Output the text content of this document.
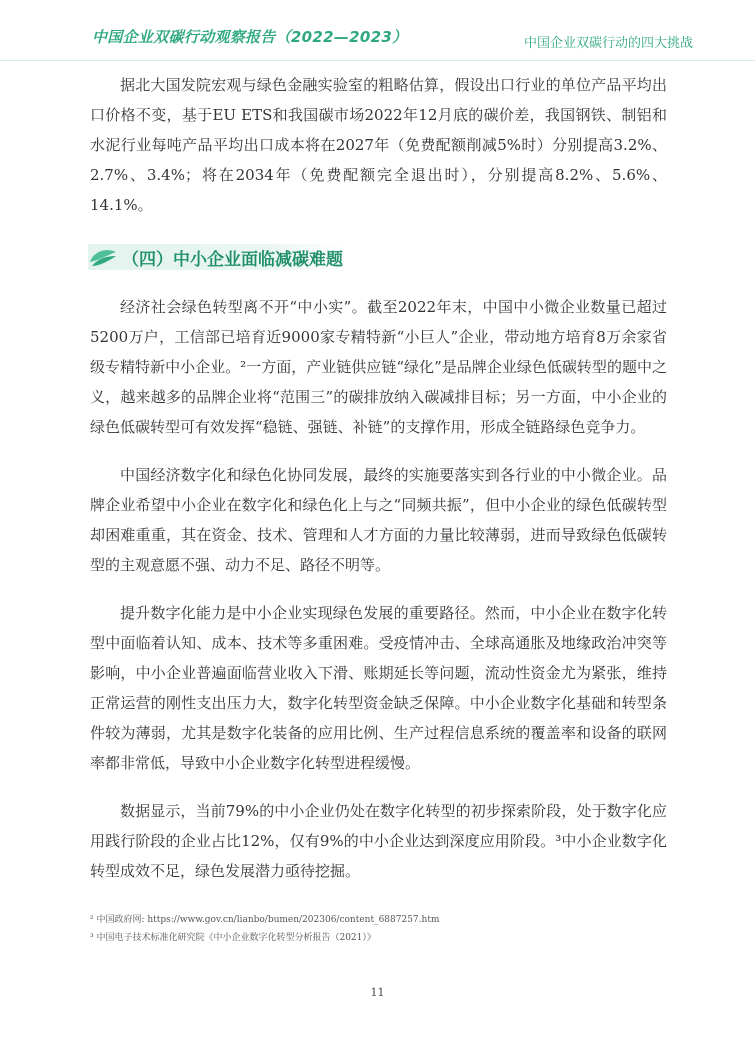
中国企业双碳行动观察报告（2022—2023）	中国企业双碳行动的四大挑战

据北大国发院宏观与绿色金融实验室的粗略估算，假设出口行业的单位产品平均出口价格不变，基于EU ETS和我国碳市场2022年12月底的碳价差，我国钢铁、制铝和水泥行业每吨产品平均出口成本将在2027年（免费配额削减5%时）分别提高3.2%、2.7%、3.4%；将在2034年（免费配额完全退出时），分别提高8.2%、5.6%、14.1%。

（四）中小企业面临减碳难题

经济社会绿色转型离不开“中小实”。截至2022年末，中国中小微企业数量已超过5200万户，工信部已培育近9000家专精特新“小巨人”企业，带动地方培育8万余家省级专精特新中小企业。²一方面，产业链供应链“绿化”是品牌企业绿色低碳转型的题中之义，越来越多的品牌企业将“范围三”的碳排放纳入碳减排目标；另一方面，中小企业的绿色低碳转型可有效发挥“稳链、强链、补链”的支撑作用，形成全链路绿色竞争力。

中国经济数字化和绿色化协同发展，最终的实施要落实到各行业的中小微企业。品牌企业希望中小企业在数字化和绿色化上与之“同频共振”，但中小企业的绿色低碳转型却困难重重，其在资金、技术、管理和人才方面的力量比较薄弱，进而导致绿色低碳转型的主观意愿不强、动力不足、路径不明等。

提升数字化能力是中小企业实现绿色发展的重要路径。然而，中小企业在数字化转型中面临着认知、成本、技术等多重困难。受疫情冲击、全球高通胀及地缘政治冲突等影响，中小企业普遍面临营业收入下滑、账期延长等问题，流动性资金尤为紧张，维持正常运营的刚性支出压力大，数字化转型资金缺乏保障。中小企业数字化基础和转型条件较为薄弱，尤其是数字化装备的应用比例、生产过程信息系统的覆盖率和设备的联网率都非常低，导致中小企业数字化转型进程缓慢。

数据显示，当前79%的中小企业仍处在数字化转型的初步探索阶段，处于数字化应用践行阶段的企业占比12%，仅有9%的中小企业达到深度应用阶段。³中小企业数字化转型成效不足，绿色发展潜力亟待挖掘。

² 中国政府网: https://www.gov.cn/lianbo/bumen/202306/content_6887257.htm

³ 中国电子技术标准化研究院《中小企业数字化转型分析报告（2021）》

11
